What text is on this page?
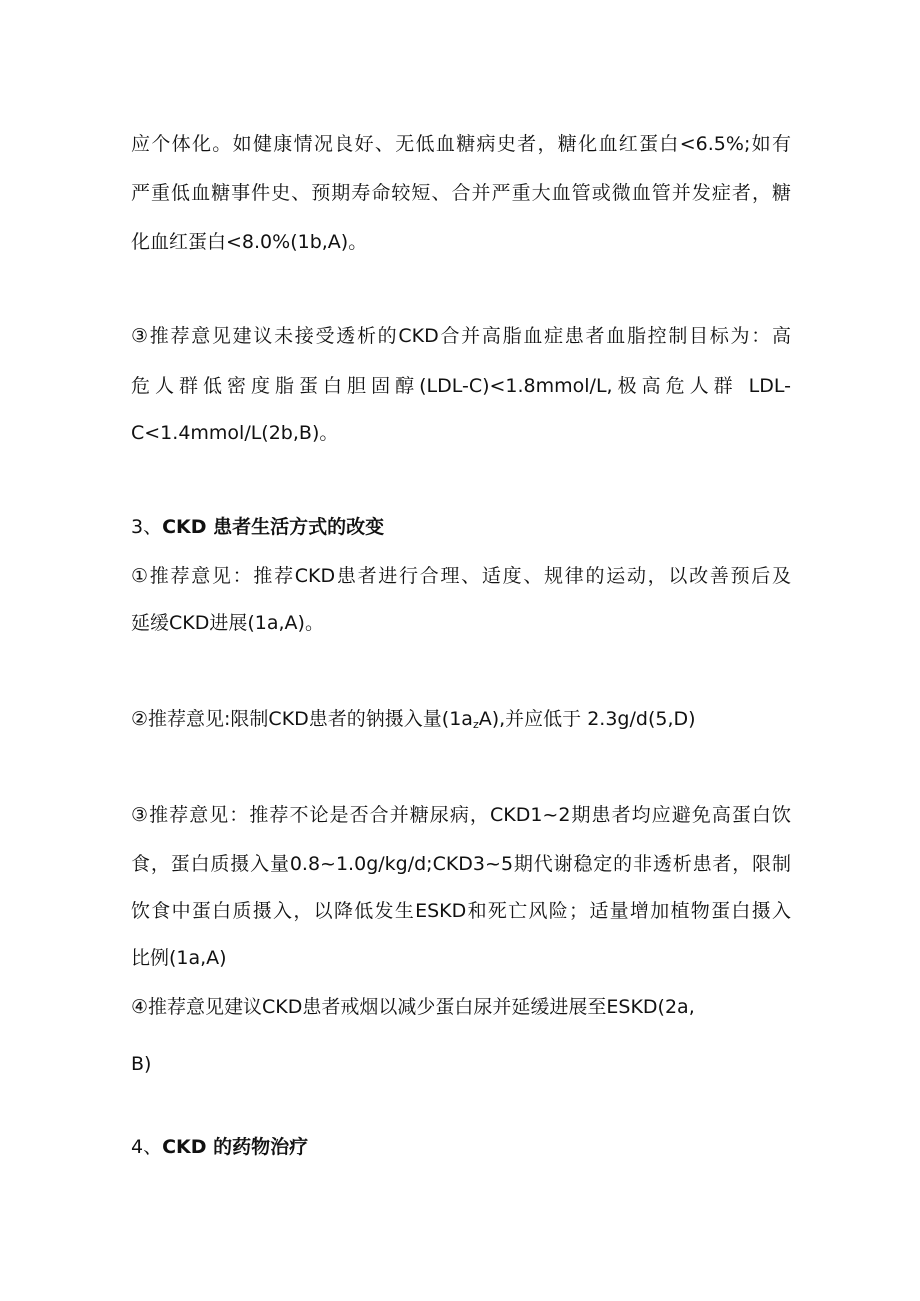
应个体化。如健康情况良好、无低血糖病史者，糖化血红蛋白<6.5%;如有
严重低血糖事件史、预期寿命较短、合并严重大血管或微血管并发症者，糖
化血红蛋白<8.0%(1b,A)。
③推荐意见建议未接受透析的CKD合并高脂血症患者血脂控制目标为：高
危人群低密度脂蛋白胆固醇(LDL-C)<1.8mmol/L,极高危人群 LDL-
C<1.4mmol/L(2b,B)。
3、CKD 患者生活方式的改变
①推荐意见：推荐CKD患者进行合理、适度、规律的运动，以改善预后及
延缓CKD进展(1a,A)。
②推荐意见:限制CKD患者的钠摄入量$(1a_zA)$,并应低于 2.3g/d(5,D)
③推荐意见：推荐不论是否合并糖尿病，CKD1~2期患者均应避免高蛋白饮
食，蛋白质摄入量0.8~1.0g/kg/d;CKD3~5期代谢稳定的非透析患者，限制
饮食中蛋白质摄入，以降低发生ESKD和死亡风险；适量增加植物蛋白摄入
比例(1a,A)
④推荐意见建议CKD患者戒烟以减少蛋白尿并延缓进展至ESKD(2a,
B)
4、CKD 的药物治疗
